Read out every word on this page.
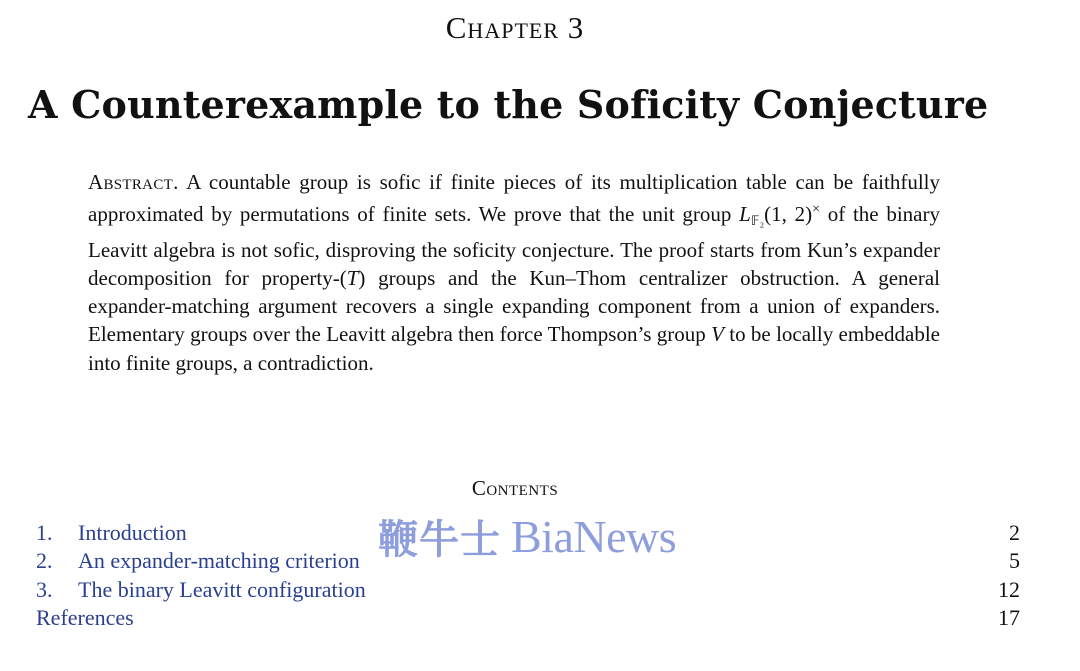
Chapter 3
A Counterexample to the Soficity Conjecture

Abstract. A countable group is sofic if finite pieces of its multiplication table can be faithfully approximated by permutations of finite sets. We prove that the unit group L𝔽₂(1, 2)× of the binary Leavitt algebra is not sofic, disproving the soficity conjecture. The proof starts from Kun’s expander decomposition for property-(T) groups and the Kun–Thom centralizer obstruction. A general expander-matching argument recovers a single expanding component from a union of expanders. Elementary groups over the Leavitt algebra then force Thompson’s group V to be locally embeddable into finite groups, a contradiction.

Contents
1. Introduction	2
2. An expander-matching criterion	5
3. The binary Leavitt configuration	12
References	17
鞭牛士 BiaNews
